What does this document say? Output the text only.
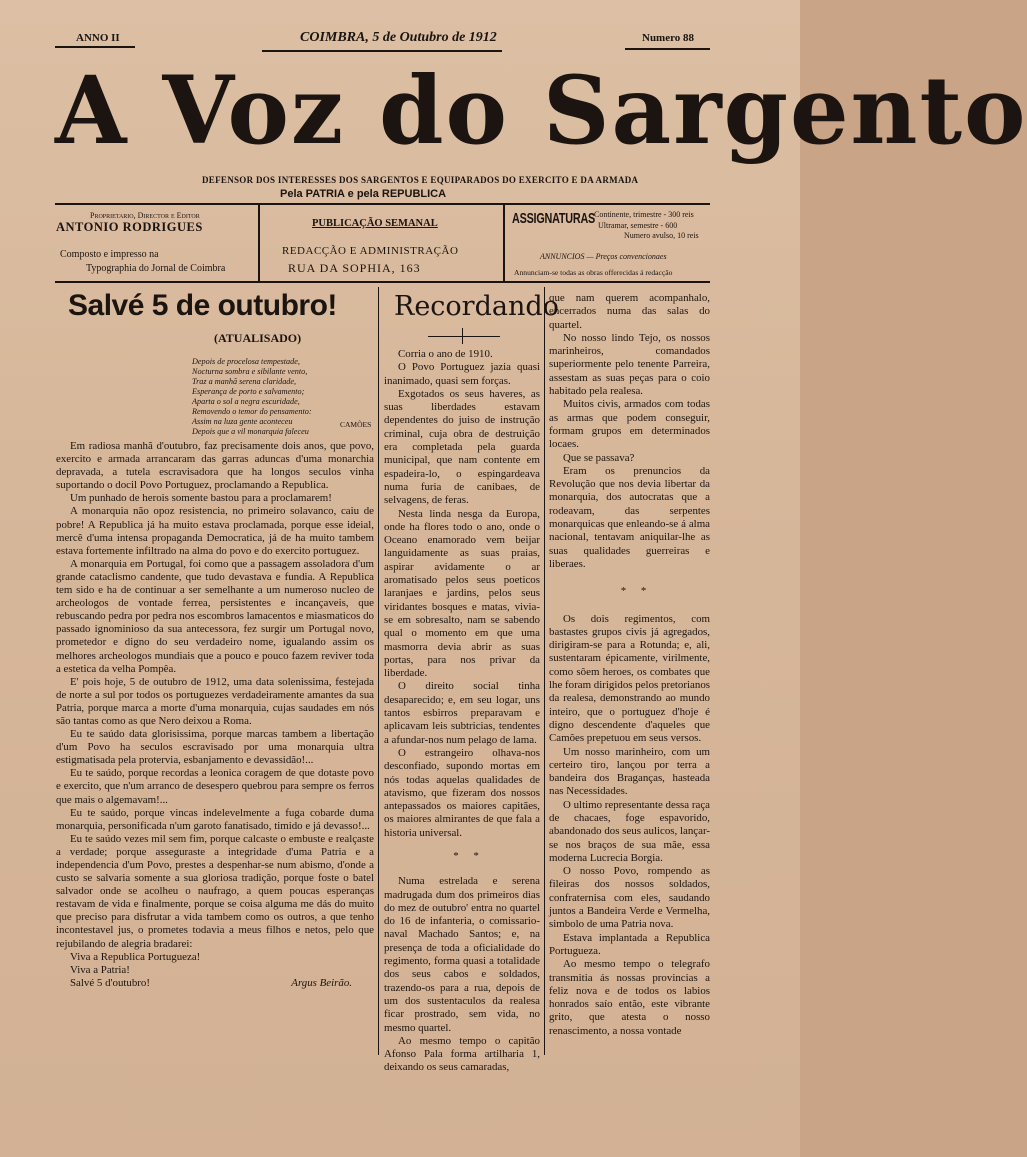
ANNO II	COIMBRA, 5 de Outubro de 1912	Numero 88
A Voz do Sargento
DEFENSOR DOS INTERESSES DOS SARGENTOS E EQUIPARADOS DO EXERCITO E DA ARMADA
Pela PATRIA e pela REPUBLICA
Proprietario, Director e Editor
ANTONIO RODRIGUES
Composto e impresso na
Typographia do Jornal de Coimbra
PUBLICAÇÃO SEMANAL
REDACÇÃO E ADMINISTRAÇÃO
RUA DA SOPHIA, 163
ASSIGNATURAS
Continente, trimestre - 300 reis
Ultramar, semestre - 600
Numero avulso, 10 reis
ANNUNCIOS — Preços convencionaes
Annunciam-se todas as obras offerecidas á redacção
Salvé 5 de outubro!
(ATUALISADO)
Depois de procelosa tempestade,
Nocturna sombra e sibilante vento,
Traz a manhã serena claridade,
Esperança de porto e salvamento;
Aparta o sol a negra escuridade,
Removendo o temor do pensamento:
Assim na luza gente aconteceu
Depois que a vil monarquia faleceu
CAMÕES

Em radiosa manhã d'outubro, faz precisamente dois anos, que povo, exercito e armada arrancaram das garras aduncas d'uma monarchia depravada, a tutela escravisadora que ha longos seculos vinha suportando o docil Povo Portuguez, proclamando a Republica.

Um punhado de herois somente bastou para a proclamarem!

A monarquia não opoz resistencia, no primeiro solavanco, caiu de pobre! A Republica já ha muito estava proclamada, porque esse ideial, mercê d'uma intensa propaganda Democratica, já de ha muito tambem estava fortemente infiltrado na alma do povo e do exercito portuguez.

A monarquia em Portugal, foi como que a passagem assoladora d'um grande cataclismo candente, que tudo devastava e fundia. A Republica tem sido e ha de continuar a ser semelhante a um numeroso nucleo de archeologos de vontade ferrea, persistentes e incançaveis, que rebuscando pedra por pedra nos escombros lamacentos e miasmaticos do passado ignominioso da sua antecessora, fez surgir um Portugal novo, prometedor e digno do seu verdadeiro nome, igualando assim os melhores archeologos mundiais que a pouco e pouco fazem reviver toda a estetica da velha Pompêa.

E' pois hoje, 5 de outubro de 1912, uma data solenissima, festejada de norte a sul por todos os portuguezes verdadeiramente amantes da sua Patria, porque marca a morte d'uma monarquia, cujas saudades em nós são tantas como as que Nero deixou a Roma.

Eu te saúdo data glorisissima, porque marcas tambem a libertação d'um Povo ha seculos escravisado por uma monarquia ultra estigmatisada pela protervia, esbanjamento e devassidão!...

Eu te saúdo, porque recordas a leonica coragem de que dotaste povo e exercito, que n'um arranco de desespero quebrou para sempre os ferros que mais o algemavam!...

Eu te saúdo, porque vincas indelevelmente a fuga cobarde duma monarquia, personificada n'um garoto fanatisado, timido e já devasso!...

Eu te saúdo vezes mil sem fim, porque calcaste o embuste e realçaste a verdade; porque asseguraste a integridade d'uma Patria e a independencia d'um Povo, prestes a despenhar-se num abismo, d'onde a custo se salvaria somente a sua gloriosa tradição, porque foste o batel salvador onde se acolheu o naufrago, a quem poucas esperanças restavam de vida e finalmente, porque se coisa alguma me dás do muito que preciso para disfrutar a vida tambem como os outros, a que tenho incontestavel jus, o prometes todavia a meus filhos e netos, pelo que rejubilando de alegria bradarei:

Viva a Republica Portugueza!

Viva a Patria!

Salvé 5 d'outubro!	Argus Beirão.
Recordando

Corria o ano de 1910.

O Povo Portuguez jazia quasi inanimado, quasi sem forças.

Exgotados os seus haveres, as suas liberdades estavam dependentes do juiso de instrução criminal, cuja obra de destruição era completada pela guarda municipal, que nam contente em espadeira-lo, o espingardeava numa furia de canibaes, de selvagens, de feras.

Nesta linda nesga da Europa, onde ha flores todo o ano, onde o Oceano enamorado vem beijar languidamente as suas praias, aspirar avidamente o ar aromatisado pelos seus poeticos laranjaes e jardins, pelos seus viridantes bosques e matas, vivia-se em sobresalto, nam se sabendo qual o momento em que uma masmorra devia abrir as suas portas, para nos privar da liberdade.

O direito social tinha desaparecido; e, em seu logar, uns tantos esbirros preparavam e aplicavam leis subtricias, tendentes a afundar-nos num pelago de lama.

O estrangeiro olhava-nos desconfiado, supondo mortas em nós todas aquelas qualidades de atavismo, que fizeram dos nossos antepassados os maiores capitães, os maiores almirantes de que fala a historia universal.

* *

Numa estrelada e serena madrugada dum dos primeiros dias do mez de outubro' entra no quartel do 16 de infanteria, o comissario-naval Machado Santos; e, na presença de toda a oficialidade do regimento, forma quasi a totalidade dos seus cabos e soldados, trazendo-os para a rua, depois de um dos sustentaculos da realesa ficar prostrado, sem vida, no mesmo quartel.

Ao mesmo tempo o capitão Afonso Pala forma artilharia 1, deixando os seus camaradas,

que nam querem acompanhalo, encerrados numa das salas do quartel.

No nosso lindo Tejo, os nossos marinheiros, comandados superiormente pelo tenente Parreira, assestam as suas peças para o coio habitado pela realesa.

Muitos civis, armados com todas as armas que podem conseguir, formam grupos em determinados locaes.

Que se passava?

Eram os prenuncios da Revolução que nos devia libertar da monarquia, dos autocratas que a rodeavam, das serpentes monarquicas que enleando-se á alma nacional, tentavam aniquilar-lhe as suas qualidades guerreiras e liberaes.

* *

Os dois regimentos, com bastastes grupos civis já agregados, dirigiram-se para a Rotunda; e, ali, sustentaram épicamente, virilmente, como sôem heroes, os combates que lhe foram dirigidos pelos pretorianos da realesa, demonstrando ao mundo inteiro, que o portuguez d'hoje é digno descendente d'aqueles que Camões prepetuou em seus versos.

Um nosso marinheiro, com um certeiro tiro, lançou por terra a bandeira dos Braganças, hasteada nas Necessidades.

O ultimo representante dessa raça de chacaes, foge espavorido, abandonado dos seus aulicos, lançar-se nos braços de sua mãe, essa moderna Lucrecia Borgia.

O nosso Povo, rompendo as fileiras dos nossos soldados, confraternisa com eles, saudando juntos a Bandeira Verde e Vermelha, simbolo de uma Patria nova.

Estava implantada a Republica Portugueza.

Ao mesmo tempo o telegrafo transmitia ás nossas provincias a feliz nova e de todos os labios honrados saío então, este vibrante grito, que atesta o nosso renascimento, a nossa vontade
